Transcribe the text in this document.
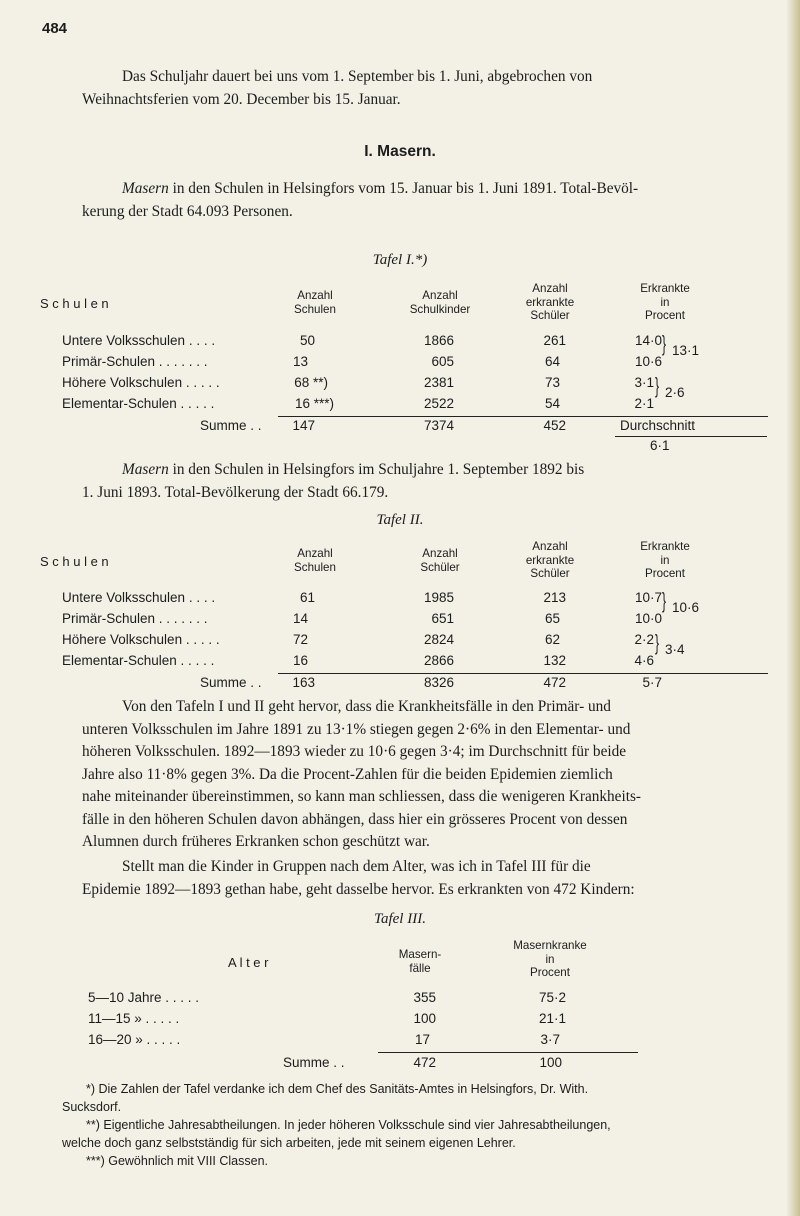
484

Das Schuljahr dauert bei uns vom 1. September bis 1. Juni, abgebrochen von

Weihnachtsferien vom 20. December bis 15. Januar.

I. Masern.

Masern in den Schulen in Helsingfors vom 15. Januar bis 1. Juni 1891. Total-Bevöl-

kerung der Stadt 64.093 Personen.

Tafel I.*)
S c h u l e n
Anzahl
Schulen
Anzahl
Schulkinder
Anzahl
erkrankte
Schüler
Erkrankte
in
Procent
Untere Volksschulen . . . .	50	1866	261	14·0
Primär-Schulen . . . . . . .	13	605	64	10·6
Höhere Volkschulen . . . . .	68 **)	2381	73	3·1
Elementar-Schulen . . . . .	16 ***)	2522	54	2·1
} 13·1
} 2·6
Summe . .	147	7374	452	Durchschnitt
6·1

Masern in den Schulen in Helsingfors im Schuljahre 1. September 1892 bis

1. Juni 1893. Total-Bevölkerung der Stadt 66.179.

Tafel II.
S c h u l e n
Anzahl
Schulen
Anzahl
Schüler
Anzahl
erkrankte
Schüler
Erkrankte
in
Procent
Untere Volksschulen . . . .	61	1985	213	10·7
Primär-Schulen . . . . . . .	14	651	65	10·0
Höhere Volkschulen . . . . .	72	2824	62	2·2
Elementar-Schulen . . . . .	16	2866	132	4·6
} 10·6
} 3·4
Summe . .	163	8326	472	5·7

Von den Tafeln I und II geht hervor, dass die Krankheitsfälle in den Primär- und

unteren Volksschulen im Jahre 1891 zu 13·1% stiegen gegen 2·6% in den Elementar- und

höheren Volksschulen. 1892—1893 wieder zu 10·6 gegen 3·4; im Durchschnitt für beide

Jahre also 11·8% gegen 3%. Da die Procent-Zahlen für die beiden Epidemien ziemlich

nahe miteinander übereinstimmen, so kann man schliessen, dass die wenigeren Krankheits-

fälle in den höheren Schulen davon abhängen, dass hier ein grösseres Procent von dessen

Alumnen durch früheres Erkranken schon geschützt war.

Stellt man die Kinder in Gruppen nach dem Alter, was ich in Tafel III für die

Epidemie 1892—1893 gethan habe, geht dasselbe hervor. Es erkrankten von 472 Kindern:

Tafel III.
A l t e r
Masern-
fälle
Masernkranke
in
Procent
5—10 Jahre . . . . .	355	75·2
11—15 » . . . . .	100	21·1
16—20 » . . . . .	17	3·7
Summe . .	472	100
*) Die Zahlen der Tafel verdanke ich dem Chef des Sanitäts-Amtes in Helsingfors, Dr. With.
Sucksdorf.
**) Eigentliche Jahresabtheilungen. In jeder höheren Volksschule sind vier Jahresabtheilungen,
welche doch ganz selbstständig für sich arbeiten, jede mit seinem eigenen Lehrer.
***) Gewöhnlich mit VIII Classen.
